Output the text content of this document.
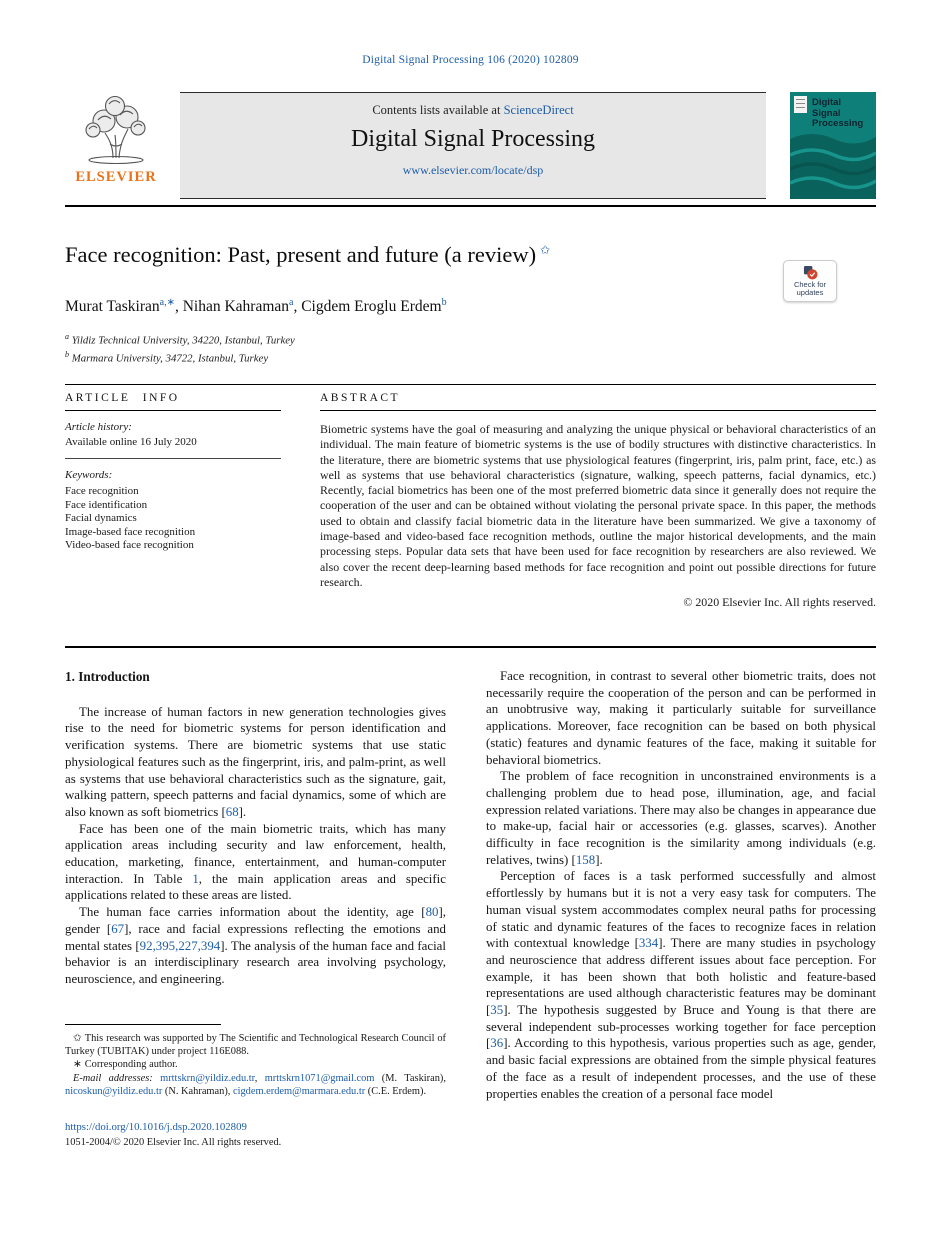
Digital Signal Processing 106 (2020) 102809
ELSEVIER
Contents lists available at ScienceDirect
Digital Signal Processing
www.elsevier.com/locate/dsp
Digital
Signal
Processing
Face recognition: Past, present and future (a review) ✩
Check for
updates
Murat Taskiran$^{a,∗}$, Nihan Kahraman$^a$, Cigdem Eroglu Erdem$^b$
$^a$ Yildiz Technical University, 34220, Istanbul, Turkey
$^b$ Marmara University, 34722, Istanbul, Turkey
ARTICLE INFO
Article history:
Available online 16 July 2020
Keywords:
Face recognition
Face identification
Facial dynamics
Image-based face recognition
Video-based face recognition
ABSTRACT
Biometric systems have the goal of measuring and analyzing the unique physical or behavioral characteristics of an individual. The main feature of biometric systems is the use of bodily structures with distinctive characteristics. In the literature, there are biometric systems that use physiological features (fingerprint, iris, palm print, face, etc.) as well as systems that use behavioral characteristics (signature, walking, speech patterns, facial dynamics, etc.) Recently, facial biometrics has been one of the most preferred biometric data since it generally does not require the cooperation of the user and can be obtained without violating the personal private space. In this paper, the methods used to obtain and classify facial biometric data in the literature have been summarized. We give a taxonomy of image-based and video-based face recognition methods, outline the major historical developments, and the main processing steps. Popular data sets that have been used for face recognition by researchers are also reviewed. We also cover the recent deep-learning based methods for face recognition and point out possible directions for future research.
© 2020 Elsevier Inc. All rights reserved.
1. Introduction

The increase of human factors in new generation technologies gives rise to the need for biometric systems for person identification and verification systems. There are biometric systems that use static physiological features such as the fingerprint, iris, and palm-print, as well as systems that use behavioral characteristics such as the signature, gait, walking pattern, speech patterns and facial dynamics, some of which are also known as soft biometrics [68].

Face has been one of the main biometric traits, which has many application areas including security and law enforcement, health, education, marketing, finance, entertainment, and human-computer interaction. In Table 1, the main application areas and specific applications related to these areas are listed.

The human face carries information about the identity, age [80], gender [67], race and facial expressions reflecting the emotions and mental states [92,395,227,394]. The analysis of the human face and facial behavior is an interdisciplinary research area involving psychology, neuroscience, and engineering.

Face recognition, in contrast to several other biometric traits, does not necessarily require the cooperation of the person and can be performed in an unobtrusive way, making it particularly suitable for surveillance applications. Moreover, face recognition can be based on both physical (static) features and dynamic features of the face, making it suitable for behavioral biometrics.

The problem of face recognition in unconstrained environments is a challenging problem due to head pose, illumination, age, and facial expression related variations. There may also be changes in appearance due to make-up, facial hair or accessories (e.g. glasses, scarves). Another difficulty in face recognition is the similarity among individuals (e.g. relatives, twins) [158].

Perception of faces is a task performed successfully and almost effortlessly by humans but it is not a very easy task for computers. The human visual system accommodates complex neural paths for processing of static and dynamic features of the faces to recognize faces in relation with contextual knowledge [334]. There are many studies in psychology and neuroscience that address different issues about face perception. For example, it has been shown that both holistic and feature-based representations are used although characteristic features may be dominant [35]. The hypothesis suggested by Bruce and Young is that there are several independent sub-processes working together for face perception [36]. According to this hypothesis, various properties such as age, gender, and basic facial expressions are obtained from the simple physical features of the face as a result of independent processes, and the use of these properties enables the creation of a personal face model

✩ This research was supported by The Scientific and Technological Research Council of Turkey (TUBITAK) under project 116E088.

∗ Corresponding author.

E-mail addresses: mrttskrn@yildiz.edu.tr, mrttskrn1071@gmail.com (M. Taskiran), nicoskun@yildiz.edu.tr (N. Kahraman), cigdem.erdem@marmara.edu.tr (C.E. Erdem).

https://doi.org/10.1016/j.dsp.2020.102809
1051-2004/© 2020 Elsevier Inc. All rights reserved.
